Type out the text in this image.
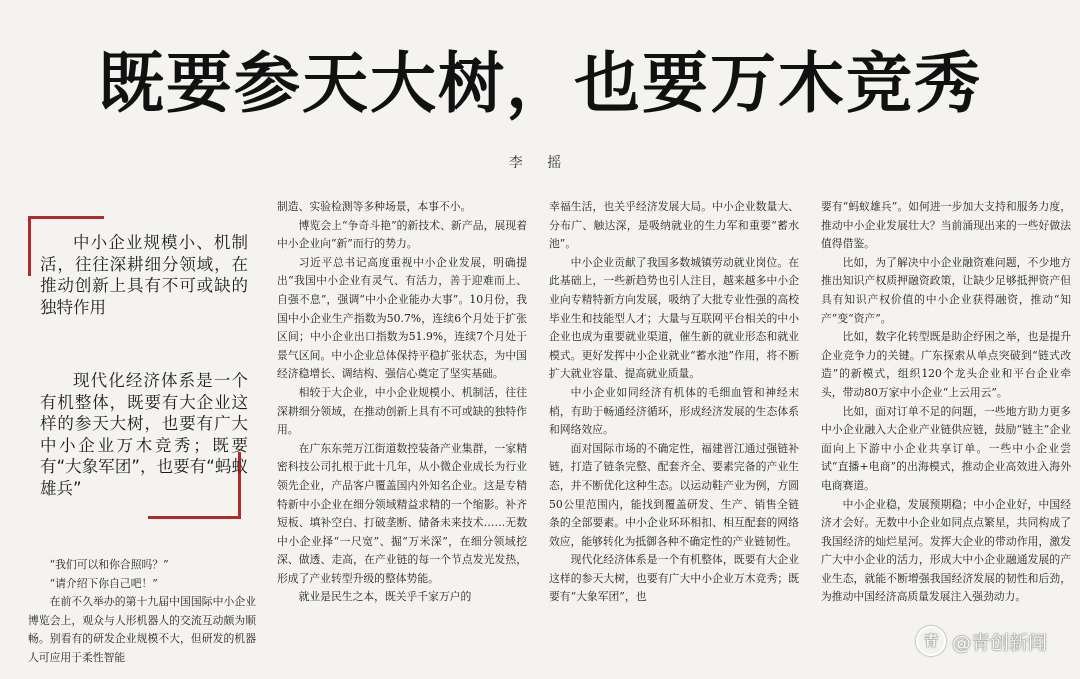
既要参天大树，也要万木竞秀
李 摇

中小企业规模小、机制活，往往深耕细分领域，在推动创新上具有不可或缺的独特作用

现代化经济体系是一个有机整体，既要有大企业这样的参天大树，也要有广大中小企业万木竞秀；既要有“大象军团”，也要有“蚂蚁雄兵”

“我们可以和你合照吗？”

“请介绍下你自己吧！”

在前不久举办的第十九届中国国际中小企业博览会上，观众与人形机器人的交流互动颇为顺畅。别看有的研发企业规模不大，但研发的机器人可应用于柔性智能

制造、实验检测等多种场景，本事不小。

博览会上“争奇斗艳”的新技术、新产品，展现着中小企业向“新”而行的势力。

习近平总书记高度重视中小企业发展，明确提出“我国中小企业有灵气、有活力，善于迎难而上、自强不息”，强调“中小企业能办大事”。10月份，我国中小企业生产指数为50.7%，连续6个月处于扩张区间；中小企业出口指数为51.9%，连续7个月处于景气区间。中小企业总体保持平稳扩张状态，为中国经济稳增长、调结构、强信心奠定了坚实基础。

相较于大企业，中小企业规模小、机制活，往往深耕细分领域，在推动创新上具有不可或缺的独特作用。

在广东东莞万江街道数控装备产业集群，一家精密科技公司扎根于此十几年，从小微企业成长为行业领先企业，产品客户覆盖国内外知名企业。这是专精特新中小企业在细分领域精益求精的一个缩影。补齐短板、填补空白、打破垄断、储备未来技术……无数中小企业择“一尺宽”、掘“万米深”，在细分领域挖深、做透、走高，在产业链的每一个节点发光发热，形成了产业转型升级的整体势能。

就业是民生之本，既关乎千家万户的

幸福生活，也关乎经济发展大局。中小企业数量大、分布广、触达深，是吸纳就业的生力军和重要“蓄水池”。

中小企业贡献了我国多数城镇劳动就业岗位。在此基础上，一些新趋势也引人注目，越来越多中小企业向专精特新方向发展，吸纳了大批专业性强的高校毕业生和技能型人才；大量与互联网平台相关的中小企业也成为重要就业渠道，催生新的就业形态和就业模式。更好发挥中小企业就业“蓄水池”作用，将不断扩大就业容量、提高就业质量。

中小企业如同经济有机体的毛细血管和神经末梢，有助于畅通经济循环，形成经济发展的生态体系和网络效应。

面对国际市场的不确定性，福建晋江通过强链补链，打造了链条完整、配套齐全、要素完备的产业生态，并不断优化这种生态。以运动鞋产业为例，方圆50公里范围内，能找到覆盖研发、生产、销售全链条的全部要素。中小企业环环相扣、相互配套的网络效应，能够转化为抵御各种不确定性的产业链韧性。

现代化经济体系是一个有机整体，既要有大企业这样的参天大树，也要有广大中小企业万木竞秀；既要有“大象军团”，也

要有“蚂蚁雄兵”。如何进一步加大支持和服务力度，推动中小企业发展壮大？当前涌现出来的一些好做法值得借鉴。

比如，为了解决中小企业融资难问题，不少地方推出知识产权质押融资政策，让缺少足够抵押资产但具有知识产权价值的中小企业获得融资，推动“知产”变“资产”。

比如，数字化转型既是助企纾困之举，也是提升企业竞争力的关键。广东探索从单点突破到“链式改造”的新模式，组织120个龙头企业和平台企业牵头，带动80万家中小企业“上云用云”。

比如，面对订单不足的问题，一些地方助力更多中小企业融入大企业产业链供应链，鼓励“链主”企业面向上下游中小企业共享订单。一些中小企业尝试“直播+电商”的出海模式，推动企业高效进入海外电商赛道。

中小企业稳，发展预期稳；中小企业好，中国经济才会好。无数中小企业如同点点繁星，共同构成了我国经济的灿烂星河。发挥大企业的带动作用，激发广大中小企业的活力，形成大中小企业融通发展的产业生态，就能不断增强我国经济发展的韧性和后劲，为推动中国经济高质量发展注入强劲动力。

青 @青创新闻
